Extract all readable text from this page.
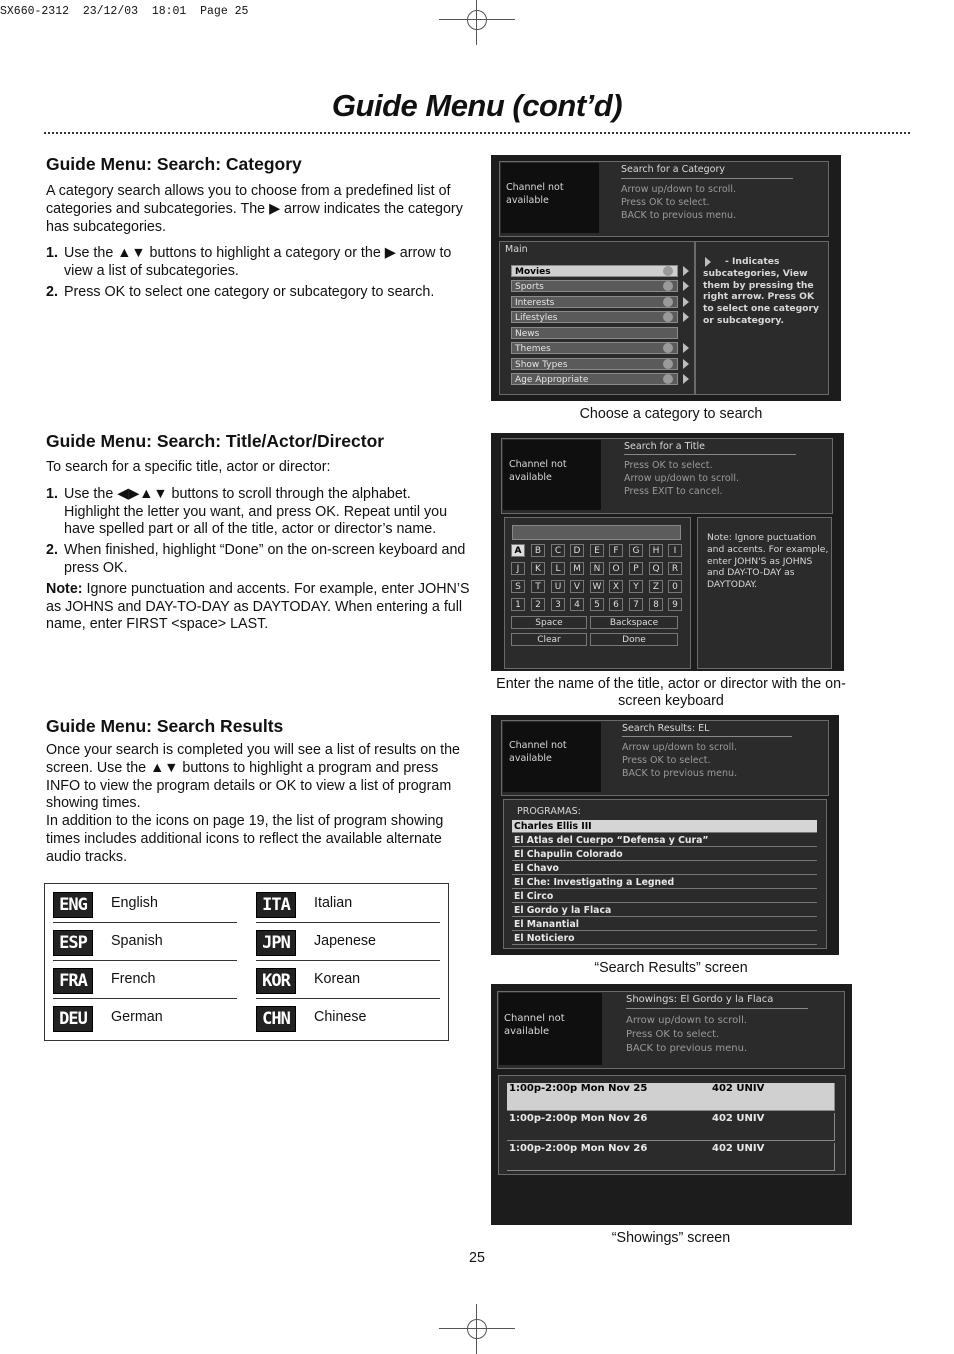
SX660-2312  23/12/03  18:01  Page 25
Guide Menu (cont’d)
Guide Menu: Search: Category
A category search allows you to choose from a predefined list of categories and subcategories. The ▶ arrow indicates the category has subcategories.
1. Use the ▲▼ buttons to highlight a category or the ▶ arrow to view a list of subcategories.
2. Press OK to select one category or subcategory to search.
Channel not available
Search for a Category
Arrow up/down to scroll.
Press OK to select.
BACK to previous menu.
Main
Movies
Sports
Interests
Lifestyles
News
Themes
Show Types
Age Appropriate
- Indicates subcategories, View them by pressing the right arrow. Press OK to select one category or subcategory.
Choose a category to search
Guide Menu: Search: Title/Actor/Director
To search for a specific title, actor or director:
1. Use the ◀▶▲▼ buttons to scroll through the alphabet. Highlight the letter you want, and press OK. Repeat until you have spelled part or all of the title, actor or director’s name.
2. When finished, highlight “Done” on the on-screen keyboard and press OK.
Note: Ignore punctuation and accents. For example, enter JOHN’S as JOHNS and DAY-TO-DAY as DAYTODAY. When entering a full name, enter FIRST <space> LAST.
Channel not available
Search for a Title
Press OK to select.
Arrow up/down to scroll.
Press EXIT to cancel.
A	B	C	D	E	F	G	H	I
J	K	L	M	N	O	P	Q	R
S	T	U	V	W	X	Y	Z	0
1	2	3	4	5	6	7	8	9
Space	Backspace
Clear	Done
Note: Ignore puctuation and accents. For example, enter JOHN'S as JOHNS and DAY-TO-DAY as DAYTODAY.
Enter the name of the title, actor or director with the on-screen keyboard
Guide Menu: Search Results
Once your search is completed you will see a list of results on the screen. Use the ▲▼ buttons to highlight a program and press INFO to view the program details or OK to view a list of program showing times.
In addition to the icons on page 19, the list of program showing times includes additional icons to reflect the available alternate audio tracks.
ENG	English	ITA	Italian
ESP	Spanish	JPN	Japenese
FRA	French	KOR	Korean
DEU	German	CHN	Chinese
Channel not available
Search Results: EL
Arrow up/down to scroll.
Press OK to select.
BACK to previous menu.
PROGRAMAS:
Charles Ellis III
El Atlas del Cuerpo “Defensa y Cura”
El Chapulin Colorado
El Chavo
El Che: Investigating a Legned
El Circo
El Gordo y la Flaca
El Manantial
El Noticiero
“Search Results” screen
Channel not available
Showings: El Gordo y la Flaca
Arrow up/down to scroll.
Press OK to select.
BACK to previous menu.
1:00p-2:00p Mon Nov 25	402 UNIV
1:00p-2:00p Mon Nov 26	402 UNIV
1:00p-2:00p Mon Nov 26	402 UNIV
“Showings” screen
25
